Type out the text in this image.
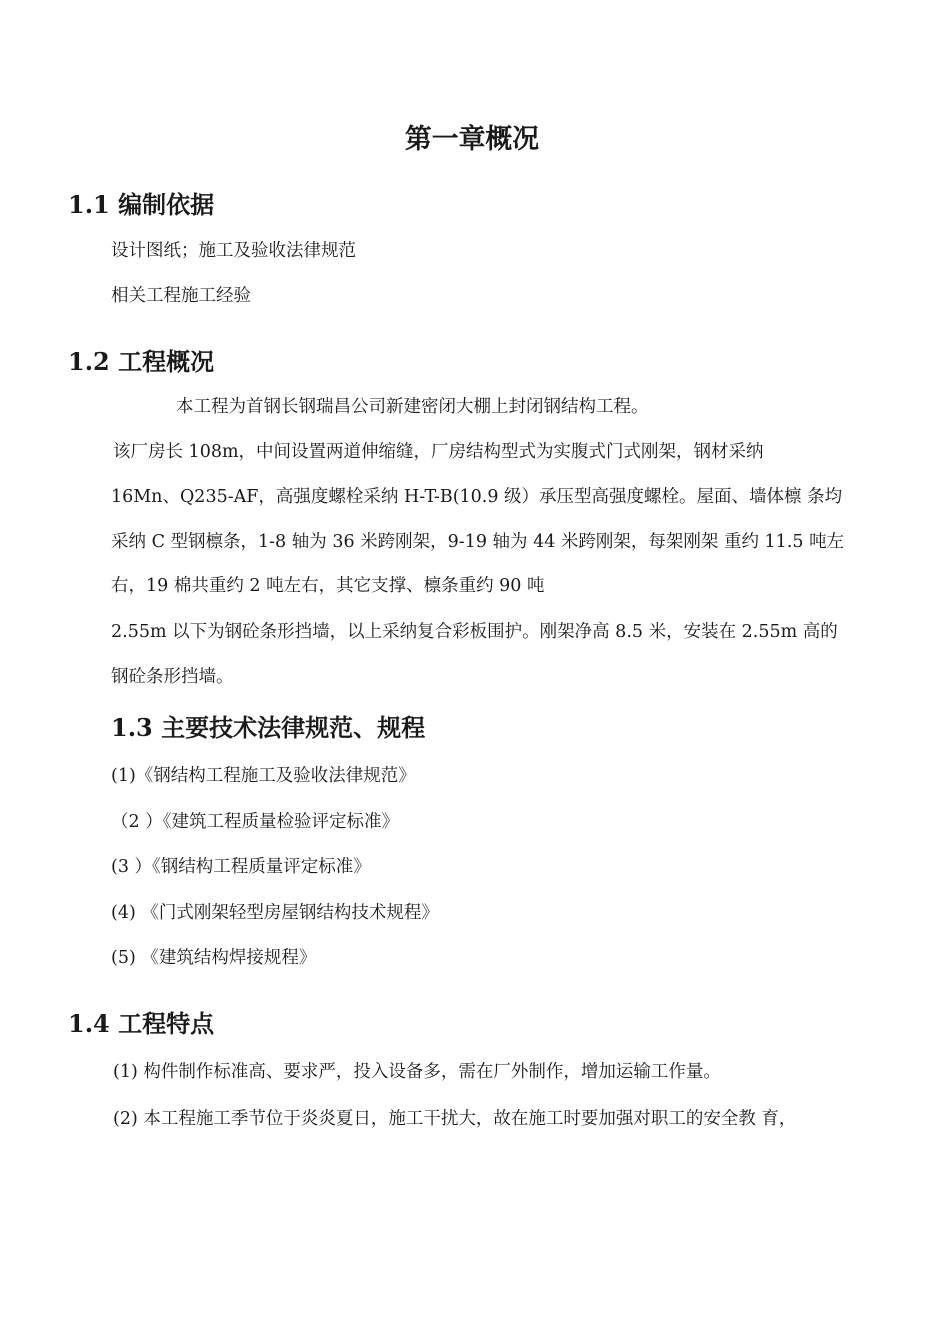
第一章概况
1.1 编制依据

设计图纸；施工及验收法律规范

相关工程施工经验

1.2 工程概况

本工程为首钢长钢瑞昌公司新建密闭大棚上封闭钢结构工程。

该厂房长 108m，中间设置两道伸缩缝，厂房结构型式为实腹式门式刚架，钢材采纳

16Mn、Q235-AF，高强度螺栓采纳 H-T-B(10.9 级）承压型高强度螺栓。屋面、墙体檩 条均

采纳 C 型钢檩条，1-8 轴为 36 米跨刚架，9-19 轴为 44 米跨刚架，每架刚架 重约 11.5 吨左

右，19 棉共重约 2 吨左右，其它支撑、檩条重约 90 吨

2.55m 以下为钢砼条形挡墙，以上采纳复合彩板围护。刚架净高 8.5 米，安装在 2.55m 高的

钢砼条形挡墙。

1.3 主要技术法律规范、规程

(1)《钢结构工程施工及验收法律规范》

（2 ）《建筑工程质量检验评定标准》

(3 ）《钢结构工程质量评定标准》

(4) 《门式刚架轻型房屋钢结构技术规程》

(5) 《建筑结构焊接规程》

1.4 工程特点

(1) 构件制作标准高、要求严，投入设备多，需在厂外制作，增加运输工作量。

(2) 本工程施工季节位于炎炎夏日，施工干扰大，故在施工时要加强对职工的安全教 育，
